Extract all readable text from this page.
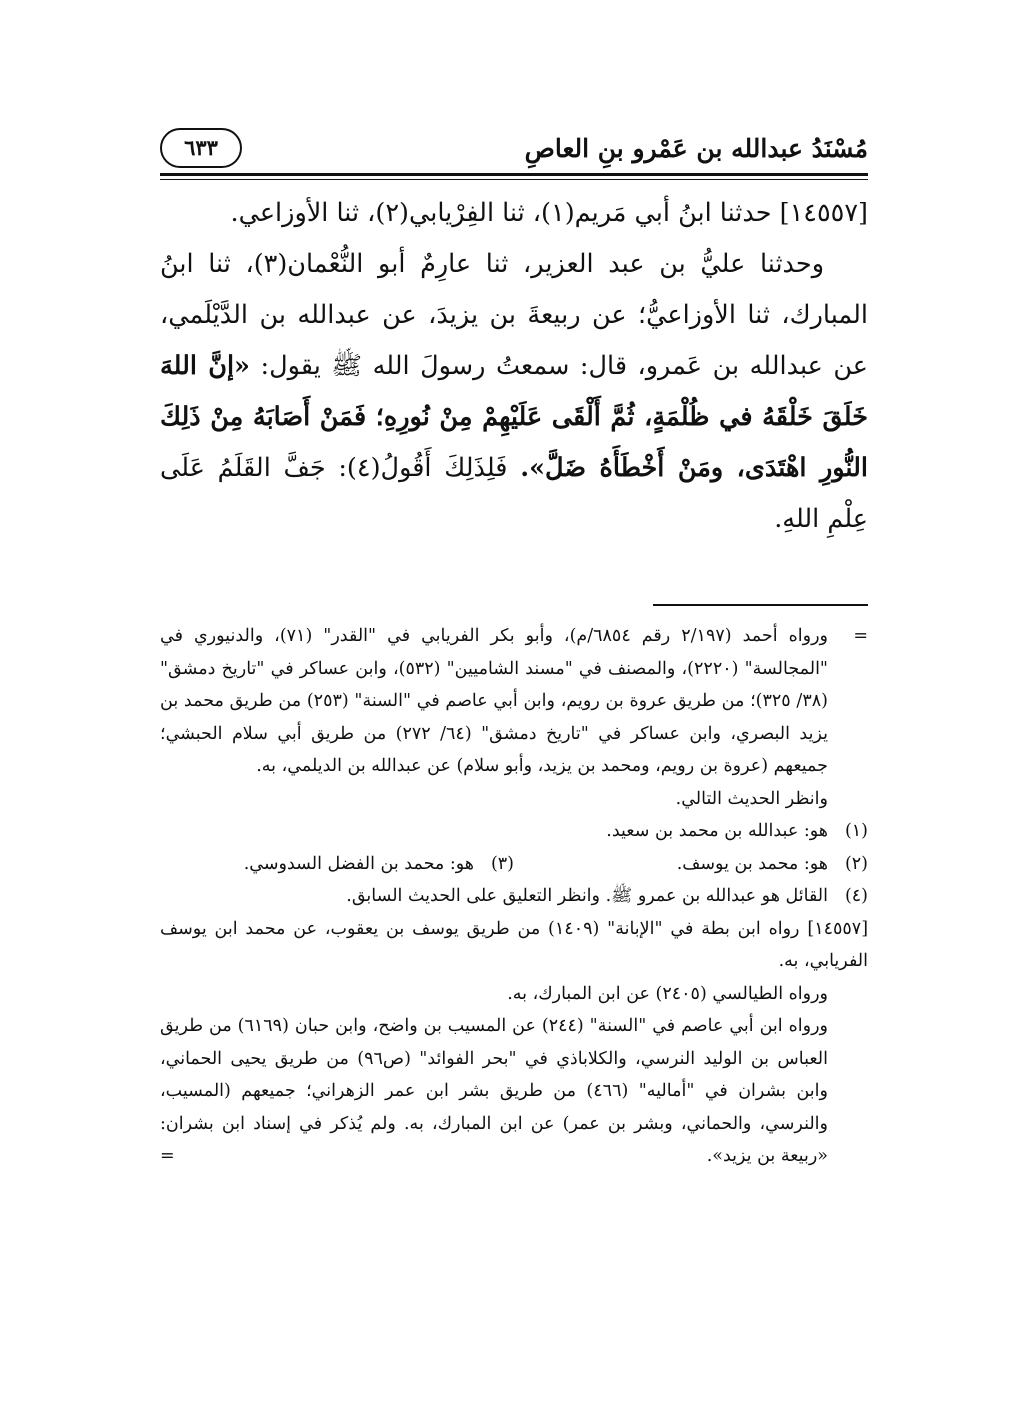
مُسْنَدُ عبدالله بن عَمْرو بنِ العاصِ
٦٣٣

[١٤٥٥٧] حدثنا ابنُ أبي مَريم(١)، ثنا الفِرْيابي(٢)، ثنا الأوزاعي.

وحدثنا عليُّ بن عبد العزير، ثنا عارِمٌ أبو النُّعْمان(٣)، ثنا ابنُ المبارك، ثنا الأوزاعيُّ؛ عن ربيعةَ بن يزيدَ، عن عبدالله بن الدَّيْلَمي، عن عبدالله بن عَمرو، قال: سمعتُ رسولَ الله ﷺ يقول: «إنَّ اللهَ خَلَقَ خَلْقَهُ في ظُلْمَةٍ، ثُمَّ أَلْقَى عَلَيْهِمْ مِنْ نُورِهِ؛ فَمَنْ أَصَابَهُ مِنْ ذَلِكَ النُّورِ اهْتَدَى، ومَنْ أَخْطَأَهُ ضَلَّ». فَلِذَلِكَ أَقُولُ(٤): جَفَّ القَلَمُ عَلَى عِلْمِ اللهِ.

=
ورواه أحمد (٢/١٩٧ رقم ٦٨٥٤/م)، وأبو بكر الفريابي في "القدر" (٧١)، والدنيوري في "المجالسة" (٢٢٢٠)، والمصنف في "مسند الشاميين" (٥٣٢)، وابن عساكر في "تاريخ دمشق" (٣٨/ ٣٢٥)؛ من طريق عروة بن رويم، وابن أبي عاصم في "السنة" (٢٥٣) من طريق محمد بن يزيد البصري، وابن عساكر في "تاريخ دمشق" (٦٤/ ٢٧٢) من طريق أبي سلام الحبشي؛ جميعهم (عروة بن رويم، ومحمد بن يزيد، وأبو سلام) عن عبدالله بن الديلمي، به.

وانظر الحديث التالي.

(١)
هو: عبدالله بن محمد بن سعيد.

(٢)
هو: محمد بن يوسف.

(٣)
هو: محمد بن الفضل السدوسي.

(٤)
القائل هو عبدالله بن عمرو ﷺ. وانظر التعليق على الحديث السابق.

[١٤٥٥٧] رواه ابن بطة في "الإبانة" (١٤٠٩) من طريق يوسف بن يعقوب، عن محمد ابن يوسف الفريابي، به.

ورواه الطيالسي (٢٤٠٥) عن ابن المبارك، به.

ورواه ابن أبي عاصم في "السنة" (٢٤٤) عن المسيب بن واضح، وابن حبان (٦١٦٩) من طريق العباس بن الوليد النرسي، والكلاباذي في "بحر الفوائد" (ص٩٦) من طريق يحيى الحماني، وابن بشران في "أماليه" (٤٦٦) من طريق بشر ابن عمر الزهراني؛ جميعهم (المسيب، والنرسي، والحماني، وبشر بن عمر) عن ابن المبارك، به. ولم يُذكر في إسناد ابن بشران: «ربيعة بن يزيد».

=
